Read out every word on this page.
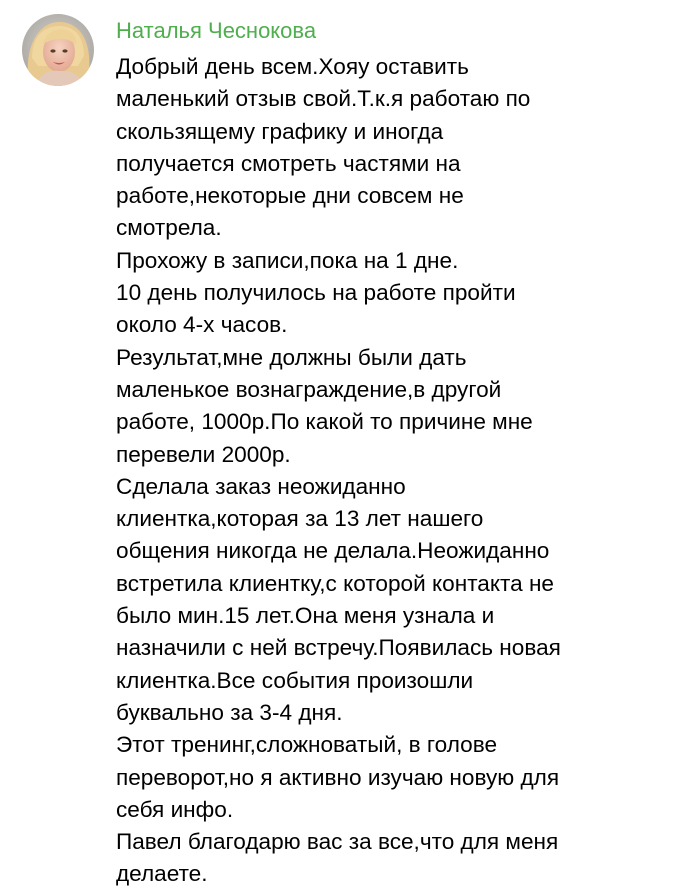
Наталья Чеснокова
Добрый день всем.Хояу оставить
маленький отзыв свой.Т.к.я работаю по
скользящему графику и иногда
получается смотреть частями на
работе,некоторые дни совсем не
смотрела.
Прохожу в записи,пока на 1 дне.
10 день получилось на работе пройти
около 4-х часов.
Результат,мне должны были дать
маленькое вознаграждение,в другой
работе, 1000р.По какой то причине мне
перевели 2000р.
Сделала заказ неожиданно
клиентка,которая за 13 лет нашего
общения никогда не делала.Неожиданно
встретила клиентку,с которой контакта не
было мин.15 лет.Она меня узнала и
назначили с ней встречу.Появилась новая
клиентка.Все события произошли
буквально за 3-4 дня.
Этот тренинг,сложноватый, в голове
переворот,но я активно изучаю новую для
себя инфо.
Павел благодарю вас за все,что для меня
делаете.
